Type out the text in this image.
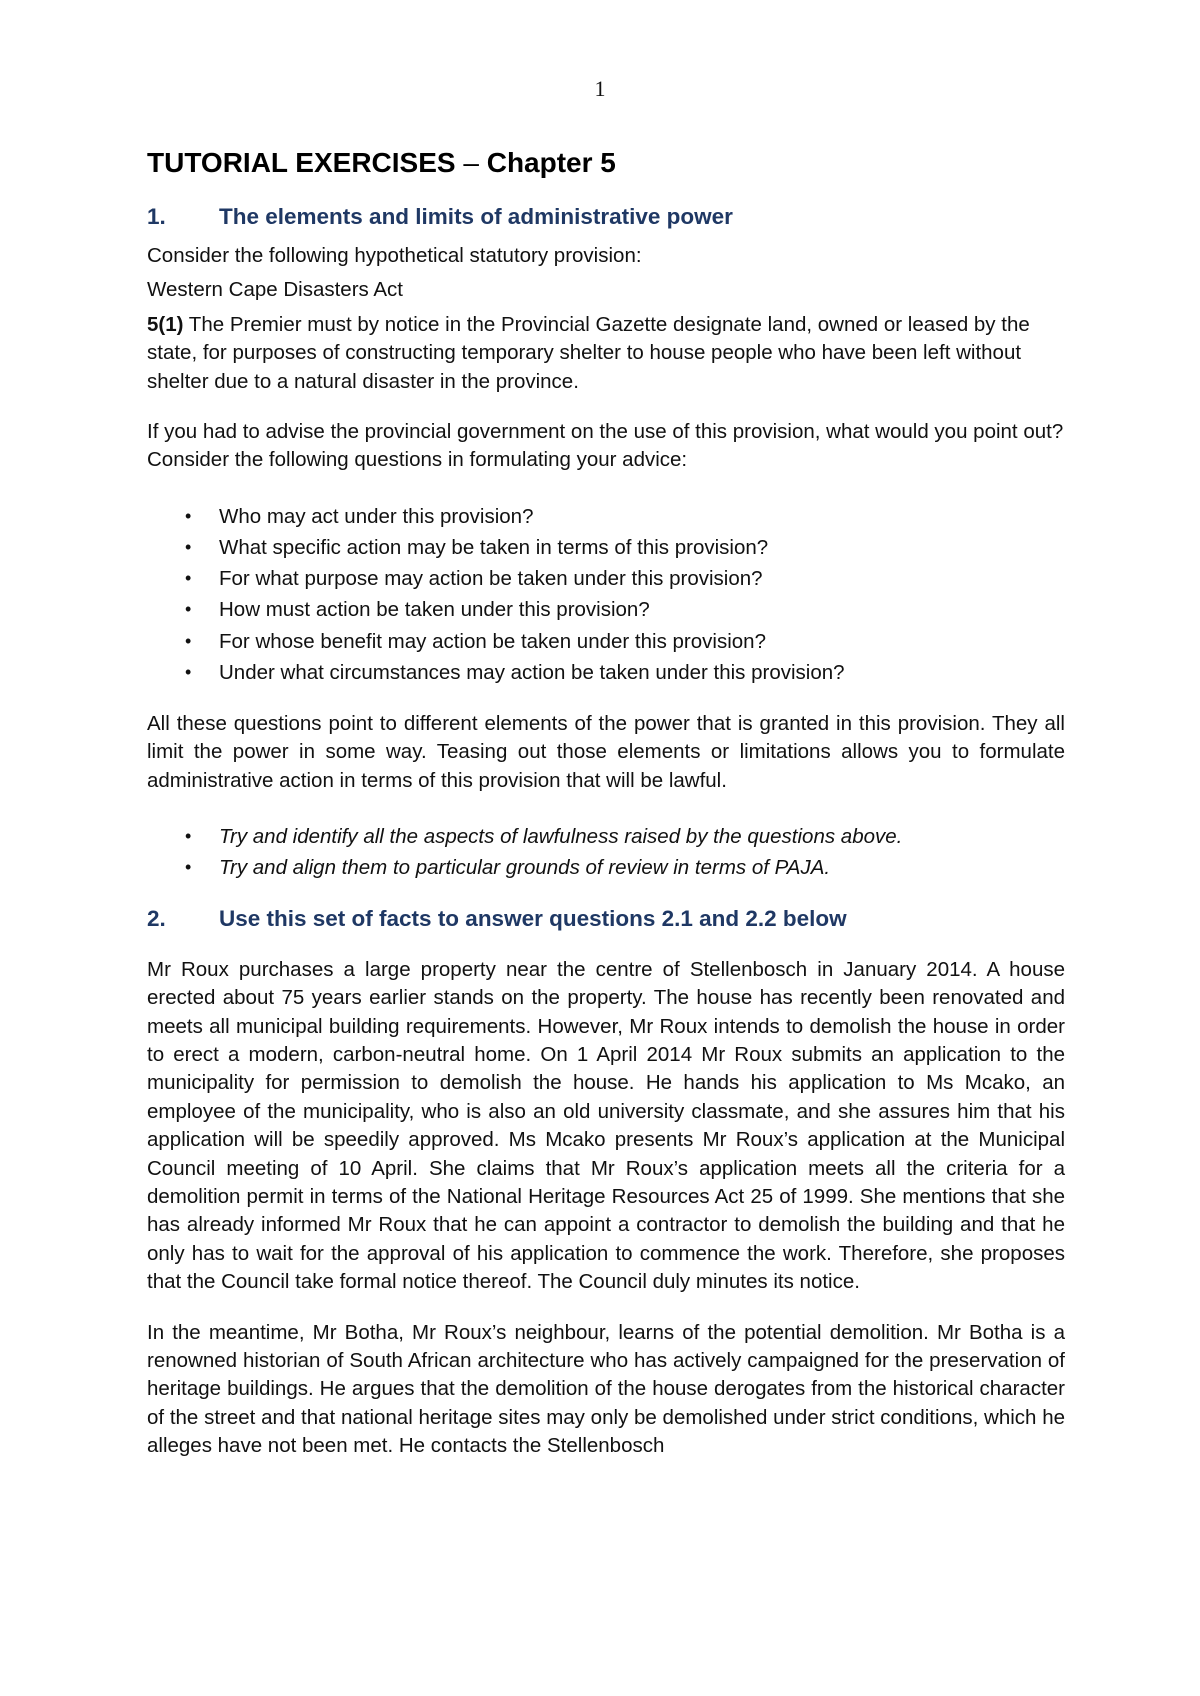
1
TUTORIAL EXERCISES – Chapter 5
1.	The elements and limits of administrative power

Consider the following hypothetical statutory provision:

Western Cape Disasters Act

5(1) The Premier must by notice in the Provincial Gazette designate land, owned or leased by the state, for purposes of constructing temporary shelter to house people who have been left without shelter due to a natural disaster in the province.

If you had to advise the provincial government on the use of this provision, what would you point out? Consider the following questions in formulating your advice:

• Who may act under this provision?
• What specific action may be taken in terms of this provision?
• For what purpose may action be taken under this provision?
• How must action be taken under this provision?
• For whose benefit may action be taken under this provision?
• Under what circumstances may action be taken under this provision?

All these questions point to different elements of the power that is granted in this provision. They all limit the power in some way. Teasing out those elements or limitations allows you to formulate administrative action in terms of this provision that will be lawful.

• Try and identify all the aspects of lawfulness raised by the questions above.
• Try and align them to particular grounds of review in terms of PAJA.
2.	Use this set of facts to answer questions 2.1 and 2.2 below

Mr Roux purchases a large property near the centre of Stellenbosch in January 2014. A house erected about 75 years earlier stands on the property. The house has recently been renovated and meets all municipal building requirements. However, Mr Roux intends to demolish the house in order to erect a modern, carbon-neutral home. On 1 April 2014 Mr Roux submits an application to the municipality for permission to demolish the house. He hands his application to Ms Mcako, an employee of the municipality, who is also an old university classmate, and she assures him that his application will be speedily approved. Ms Mcako presents Mr Roux’s application at the Municipal Council meeting of 10 April. She claims that Mr Roux’s application meets all the criteria for a demolition permit in terms of the National Heritage Resources Act 25 of 1999. She mentions that she has already informed Mr Roux that he can appoint a contractor to demolish the building and that he only has to wait for the approval of his application to commence the work. Therefore, she proposes that the Council take formal notice thereof. The Council duly minutes its notice.

In the meantime, Mr Botha, Mr Roux’s neighbour, learns of the potential demolition. Mr Botha is a renowned historian of South African architecture who has actively campaigned for the preservation of heritage buildings. He argues that the demolition of the house derogates from the historical character of the street and that national heritage sites may only be demolished under strict conditions, which he alleges have not been met. He contacts the Stellenbosch
